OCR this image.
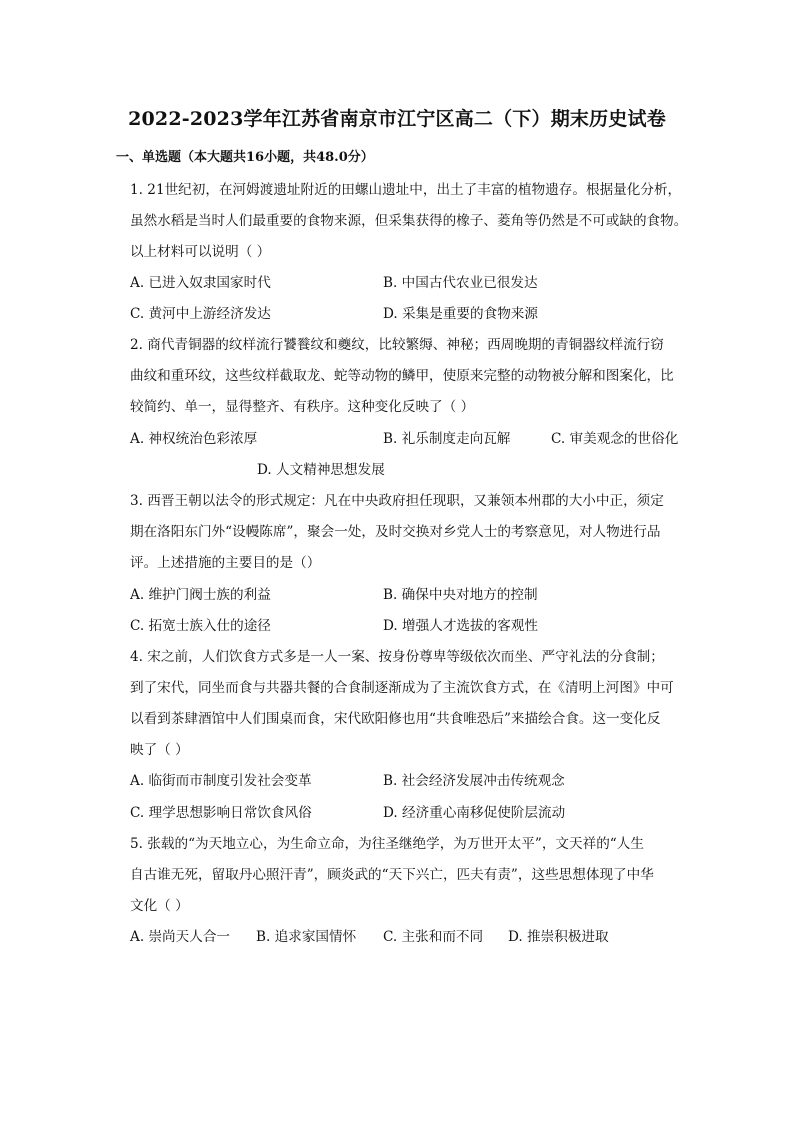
2022-2023学年江苏省南京市江宁区高二（下）期末历史试卷
一、单选题（本大题共16小题，共48.0分）
1. 21世纪初，在河姆渡遗址附近的田螺山遗址中，出土了丰富的植物遗存。根据量化分析，
虽然水稻是当时人们最重要的食物来源，但采集获得的橡子、菱角等仍然是不可或缺的食物。
以上材料可以说明（ ）
A. 已进入奴隶国家时代	B. 中国古代农业已很发达
C. 黄河中上游经济发达	D. 采集是重要的食物来源
2. 商代青铜器的纹样流行饕餮纹和夔纹，比较繁缛、神秘；西周晚期的青铜器纹样流行窃
曲纹和重环纹，这些纹样截取龙、蛇等动物的鳞甲，使原来完整的动物被分解和图案化，比
较简约、单一，显得整齐、有秩序。这种变化反映了（ ）
A. 神权统治色彩浓厚	B. 礼乐制度走向瓦解	C. 审美观念的世俗化
D. 人文精神思想发展
3. 西晋王朝以法令的形式规定：凡在中央政府担任现职，又兼领本州郡的大小中正，须定
期在洛阳东门外“设幔陈席”，聚会一处，及时交换对乡党人士的考察意见，对人物进行品
评。上述措施的主要目的是（）
A. 维护门阀士族的利益	B. 确保中央对地方的控制
C. 拓宽士族入仕的途径	D. 增强人才选拔的客观性
4. 宋之前，人们饮食方式多是一人一案、按身份尊卑等级依次而坐、严守礼法的分食制；
到了宋代，同坐而食与共器共餐的合食制逐渐成为了主流饮食方式，在《清明上河图》中可
以看到茶肆酒馆中人们围桌而食，宋代欧阳修也用“共食唯恐后”来描绘合食。这一变化反
映了（ ）
A. 临街而市制度引发社会变革	B. 社会经济发展冲击传统观念
C. 理学思想影响日常饮食风俗	D. 经济重心南移促使阶层流动
5. 张载的“为天地立心，为生命立命，为往圣继绝学，为万世开太平”，文天祥的“人生
自古谁无死，留取丹心照汗青”，顾炎武的“天下兴亡，匹夫有责”，这些思想体现了中华
文化（ ）
A. 崇尚天人合一 B. 追求家国情怀 C. 主张和而不同 D. 推崇积极进取
